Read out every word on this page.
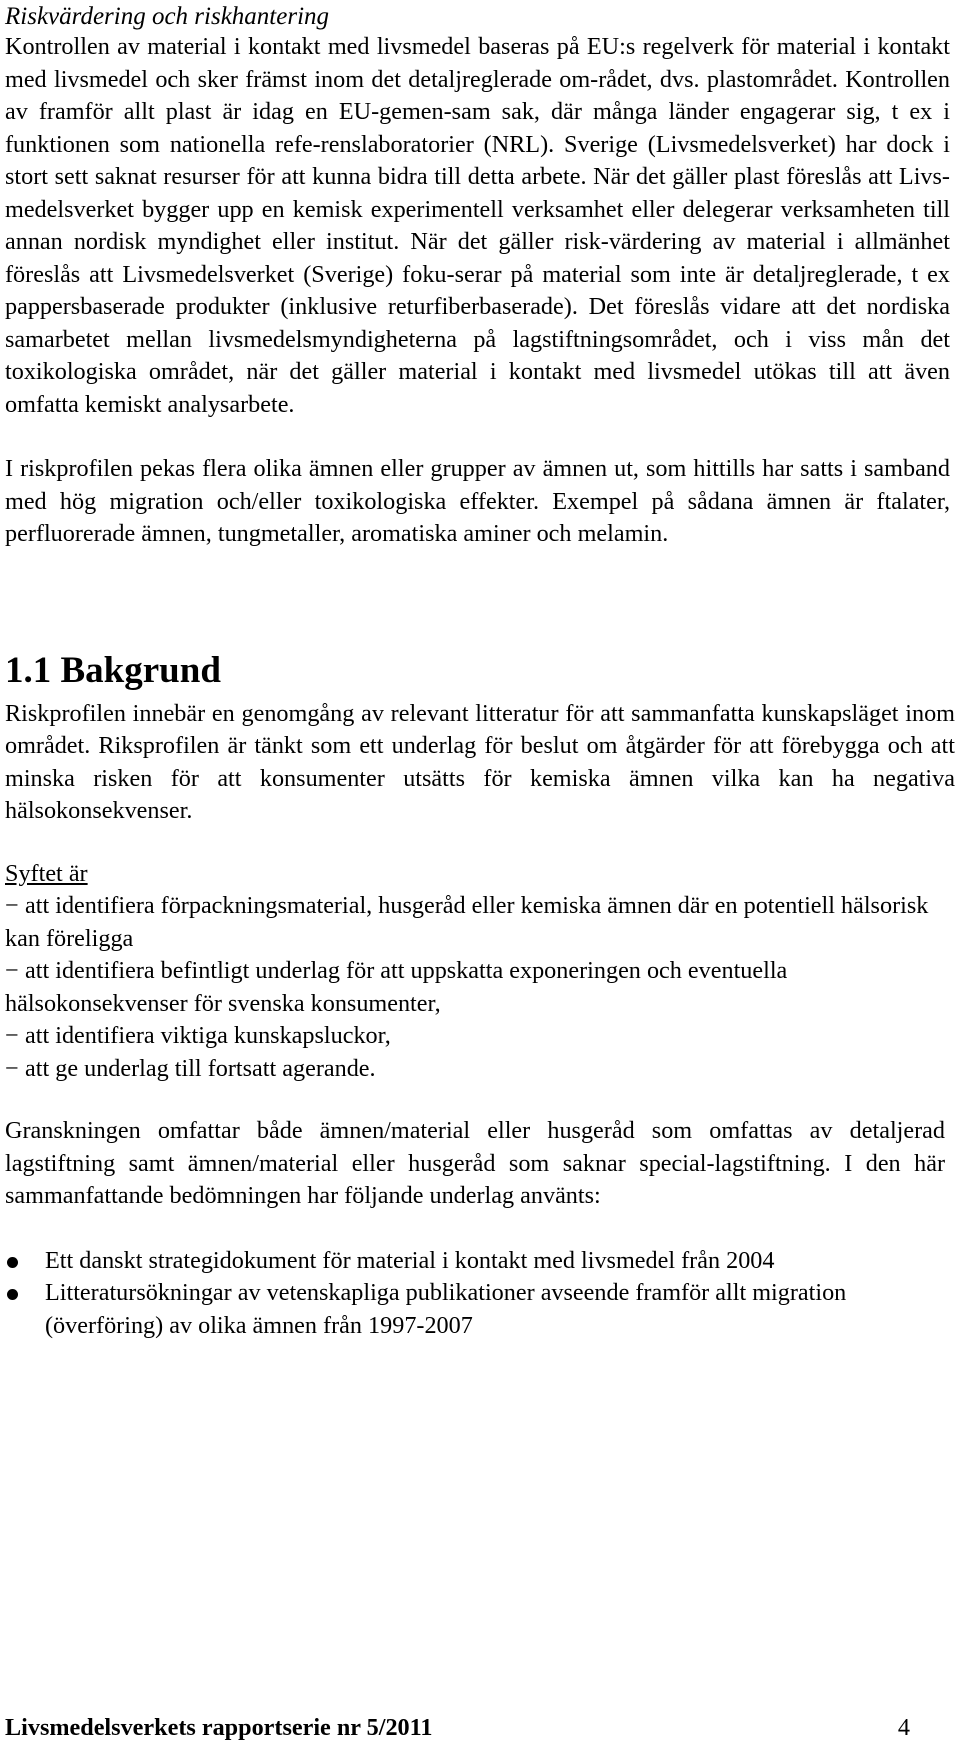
Riskvärdering och riskhantering

Kontrollen av material i kontakt med livsmedel baseras på EU:s regelverk för material i kontakt med livsmedel och sker främst inom det detaljreglerade om-rådet, dvs. plastområdet. Kontrollen av framför allt plast är idag en EU-gemen-sam sak, där många länder engagerar sig, t ex i funktionen som nationella refe-renslaboratorier (NRL). Sverige (Livsmedelsverket) har dock i stort sett saknat resurser för att kunna bidra till detta arbete. När det gäller plast föreslås att Livs-medelsverket bygger upp en kemisk experimentell verksamhet eller delegerar verksamheten till annan nordisk myndighet eller institut. När det gäller risk-värdering av material i allmänhet föreslås att Livsmedelsverket (Sverige) foku-serar på material som inte är detaljreglerade, t ex pappersbaserade produkter (inklusive returfiberbaserade). Det föreslås vidare att det nordiska samarbetet mellan livsmedelsmyndigheterna på lagstiftningsområdet, och i viss mån det toxikologiska området, när det gäller material i kontakt med livsmedel utökas till att även omfatta kemiskt analysarbete.

I riskprofilen pekas flera olika ämnen eller grupper av ämnen ut, som hittills har satts i samband med hög migration och/eller toxikologiska effekter. Exempel på sådana ämnen är ftalater, perfluorerade ämnen, tungmetaller, aromatiska aminer och melamin.

1.1 Bakgrund

Riskprofilen innebär en genomgång av relevant litteratur för att sammanfatta kunskapsläget inom området. Riksprofilen är tänkt som ett underlag för beslut om åtgärder för att förebygga och att minska risken för att konsumenter utsätts för kemiska ämnen vilka kan ha negativa hälsokonsekvenser.

Syftet är

− att identifiera förpackningsmaterial, husgeråd eller kemiska ämnen där en potentiell hälsorisk kan föreligga

− att identifiera befintligt underlag för att uppskatta exponeringen och eventuella hälsokonsekvenser för svenska konsumenter,

− att identifiera viktiga kunskapsluckor,

− att ge underlag till fortsatt agerande.

Granskningen omfattar både ämnen/material eller husgeråd som omfattas av detaljerad lagstiftning samt ämnen/material eller husgeråd som saknar special-lagstiftning. I den här sammanfattande bedömningen har följande underlag använts:

Ett danskt strategidokument för material i kontakt med livsmedel från 2004
Litteratursökningar av vetenskapliga publikationer avseende framför allt migration (överföring) av olika ämnen från 1997-2007
Livsmedelsverkets rapportserie nr 5/2011	4
